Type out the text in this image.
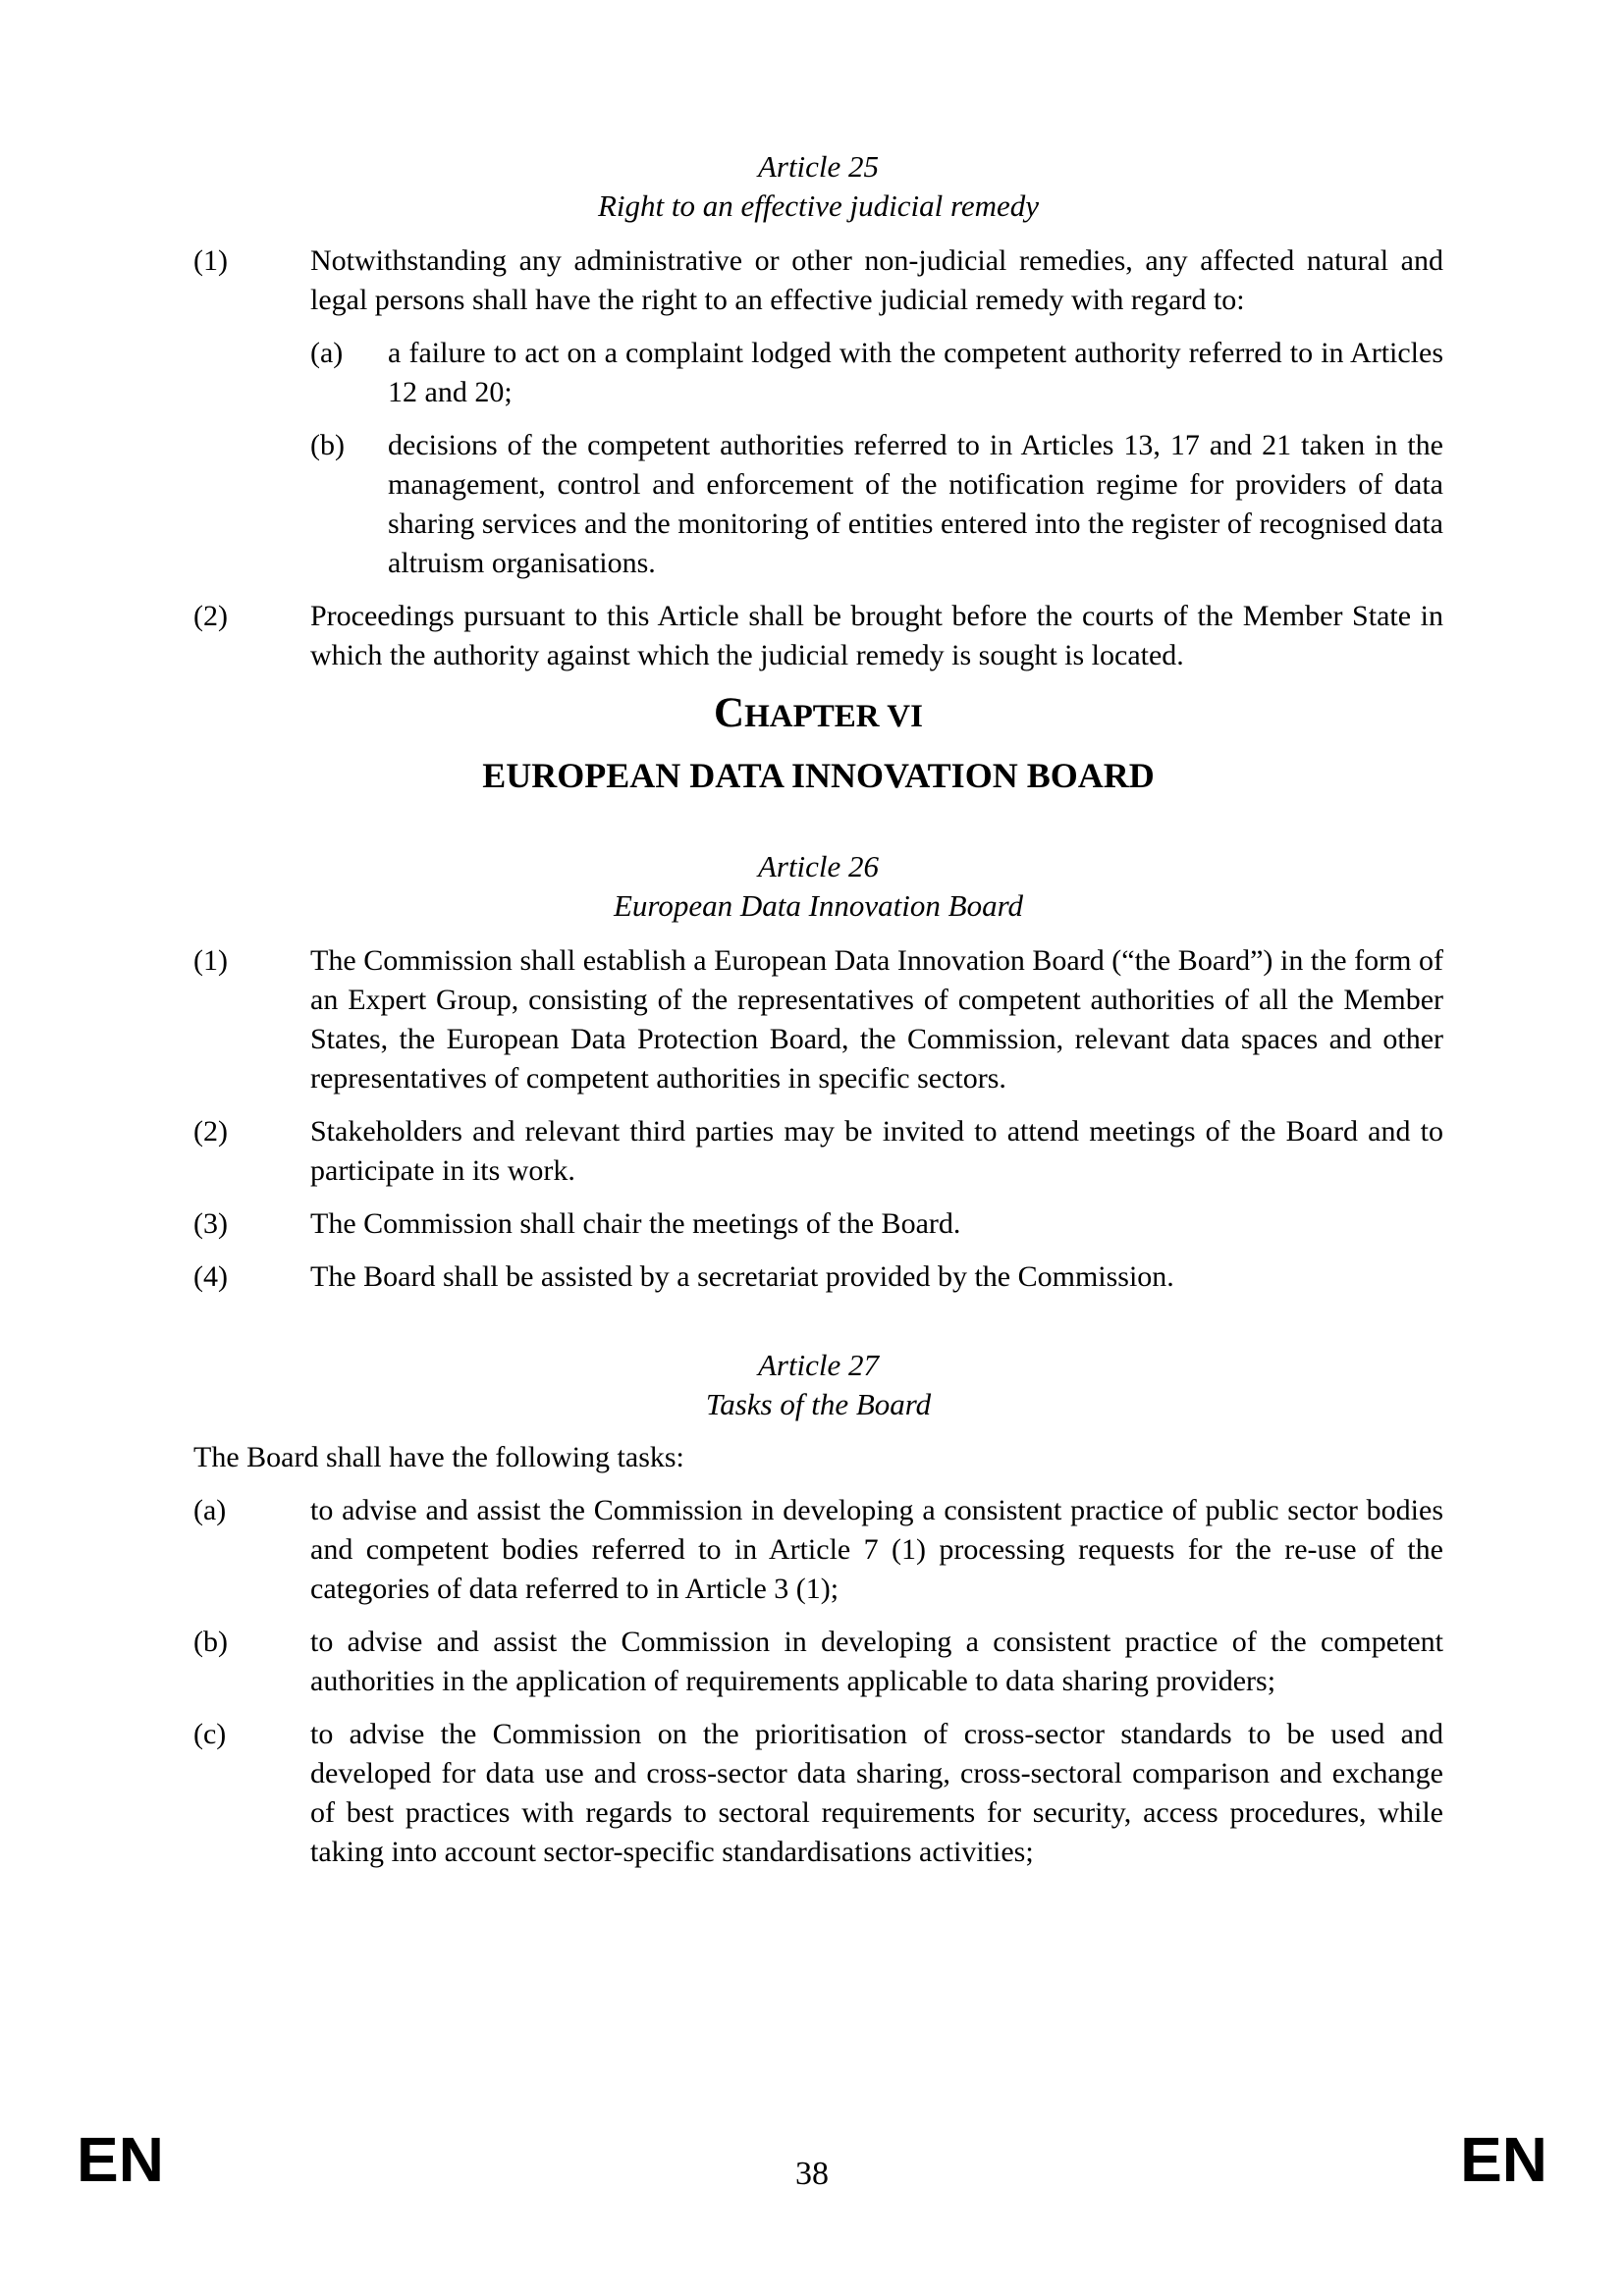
Article 25
Right to an effective judicial remedy
(1)	Notwithstanding any administrative or other non-judicial remedies, any affected natural and legal persons shall have the right to an effective judicial remedy with regard to:
(a)	a failure to act on a complaint lodged with the competent authority referred to in Articles 12 and 20;
(b)	decisions of the competent authorities referred to in Articles 13, 17 and 21 taken in the management, control and enforcement of the notification regime for providers of data sharing services and the monitoring of entities entered into the register of recognised data altruism organisations.
(2)	Proceedings pursuant to this Article shall be brought before the courts of the Member State in which the authority against which the judicial remedy is sought is located.
CHAPTER VI
EUROPEAN DATA INNOVATION BOARD
Article 26
European Data Innovation Board
(1)	The Commission shall establish a European Data Innovation Board (“the Board”) in the form of an Expert Group, consisting of the representatives of competent authorities of all the Member States, the European Data Protection Board, the Commission, relevant data spaces and other representatives of competent authorities in specific sectors.
(2)	Stakeholders and relevant third parties may be invited to attend meetings of the Board and to participate in its work.
(3)	The Commission shall chair the meetings of the Board.
(4)	The Board shall be assisted by a secretariat provided by the Commission.
Article 27
Tasks of the Board
The Board shall have the following tasks:
(a)	to advise and assist the Commission in developing a consistent practice of public sector bodies and competent bodies referred to in Article 7 (1) processing requests for the re-use of the categories of data referred to in Article 3 (1);
(b)	to advise and assist the Commission in developing a consistent practice of the competent authorities in the application of requirements applicable to data sharing providers;
(c)	to advise the Commission on the prioritisation of cross-sector standards to be used and developed for data use and cross-sector data sharing, cross-sectoral comparison and exchange of best practices with regards to sectoral requirements for security, access procedures, while taking into account sector-specific standardisations activities;
EN	38	EN
